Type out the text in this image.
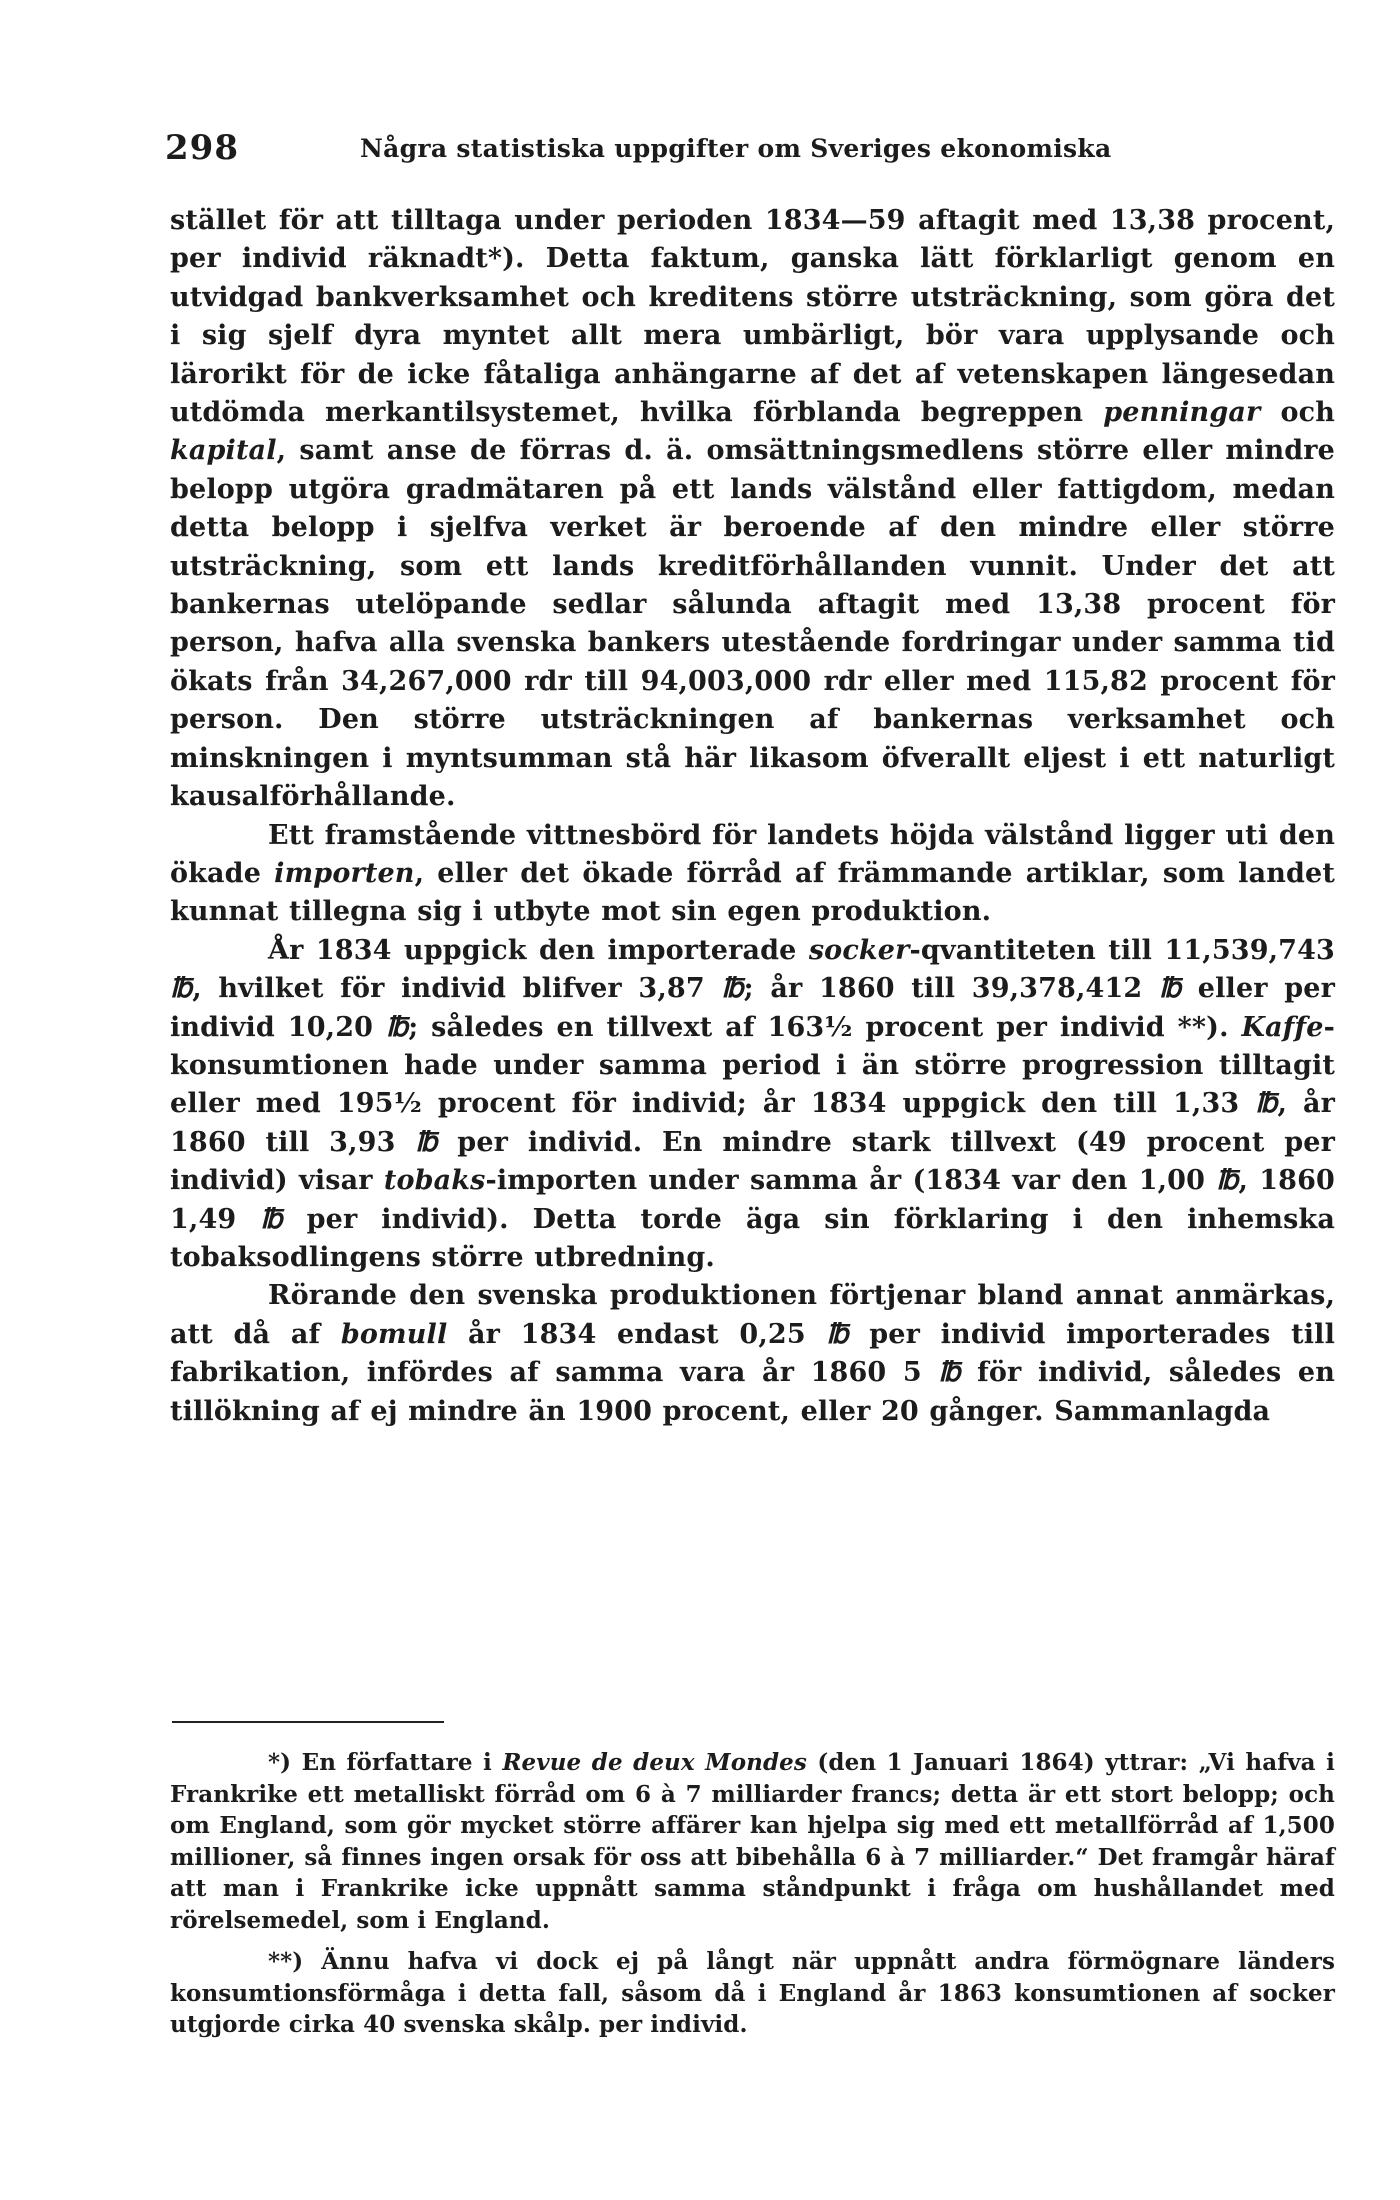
298	Några statistiska uppgifter om Sveriges ekonomiska

stället för att tilltaga under perioden 1834—59 aftagit med 13,38 procent, per individ räknadt*). Detta faktum, ganska lätt förklarligt genom en utvidgad bankverksamhet och kreditens större utsträckning, som göra det i sig sjelf dyra myntet allt mera umbärligt, bör vara upplysande och lärorikt för de icke fåtaliga anhängarne af det af vetenskapen längesedan utdömda merkantilsystemet, hvilka förblanda begreppen penningar och kapital, samt anse de förras d. ä. omsättningsmedlens större eller mindre belopp utgöra gradmätaren på ett lands välstånd eller fattigdom, medan detta belopp i sjelfva verket är beroende af den mindre eller större utsträckning, som ett lands kreditförhållanden vunnit. Under det att bankernas utelöpande sedlar sålunda aftagit med 13,38 procent för person, hafva alla svenska bankers utestående fordringar under samma tid ökats från 34,267,000 rdr till 94,003,000 rdr eller med 115,82 procent för person. Den större utsträckningen af bankernas verksamhet och minskningen i myntsumman stå här likasom öfverallt eljest i ett naturligt kausalförhållande.

Ett framstående vittnesbörd för landets höjda välstånd ligger uti den ökade importen, eller det ökade förråd af främmande artiklar, som landet kunnat tillegna sig i utbyte mot sin egen produktion.

År 1834 uppgick den importerade socker-qvantiteten till 11,539,743 ℔, hvilket för individ blifver 3,87 ℔; år 1860 till 39,378,412 ℔ eller per individ 10,20 ℔; således en tillvext af 163½ procent per individ **). Kaffe-konsumtionen hade under samma period i än större progression tilltagit eller med 195½ procent för individ; år 1834 uppgick den till 1,33 ℔, år 1860 till 3,93 ℔ per individ. En mindre stark tillvext (49 procent per individ) visar tobaks-importen under samma år (1834 var den 1,00 ℔, 1860 1,49 ℔ per individ). Detta torde äga sin förklaring i den inhemska tobaksodlingens större utbredning.

Rörande den svenska produktionen förtjenar bland annat anmärkas, att då af bomull år 1834 endast 0,25 ℔ per individ importerades till fabrikation, infördes af samma vara år 1860 5 ℔ för individ, således en tillökning af ej mindre än 1900 procent, eller 20 gånger. Sammanlagda

*) En författare i Revue de deux Mondes (den 1 Januari 1864) yttrar: „Vi hafva i Frankrike ett metalliskt förråd om 6 à 7 milliarder francs; detta är ett stort belopp; och om England, som gör mycket större affärer kan hjelpa sig med ett metallförråd af 1,500 millioner, så finnes ingen orsak för oss att bibehålla 6 à 7 milliarder.“ Det framgår häraf att man i Frankrike icke uppnått samma ståndpunkt i fråga om hushållandet med rörelsemedel, som i England.

**) Ännu hafva vi dock ej på långt när uppnått andra förmögnare länders konsumtionsförmåga i detta fall, såsom då i England år 1863 konsumtionen af socker utgjorde cirka 40 svenska skålp. per individ.
